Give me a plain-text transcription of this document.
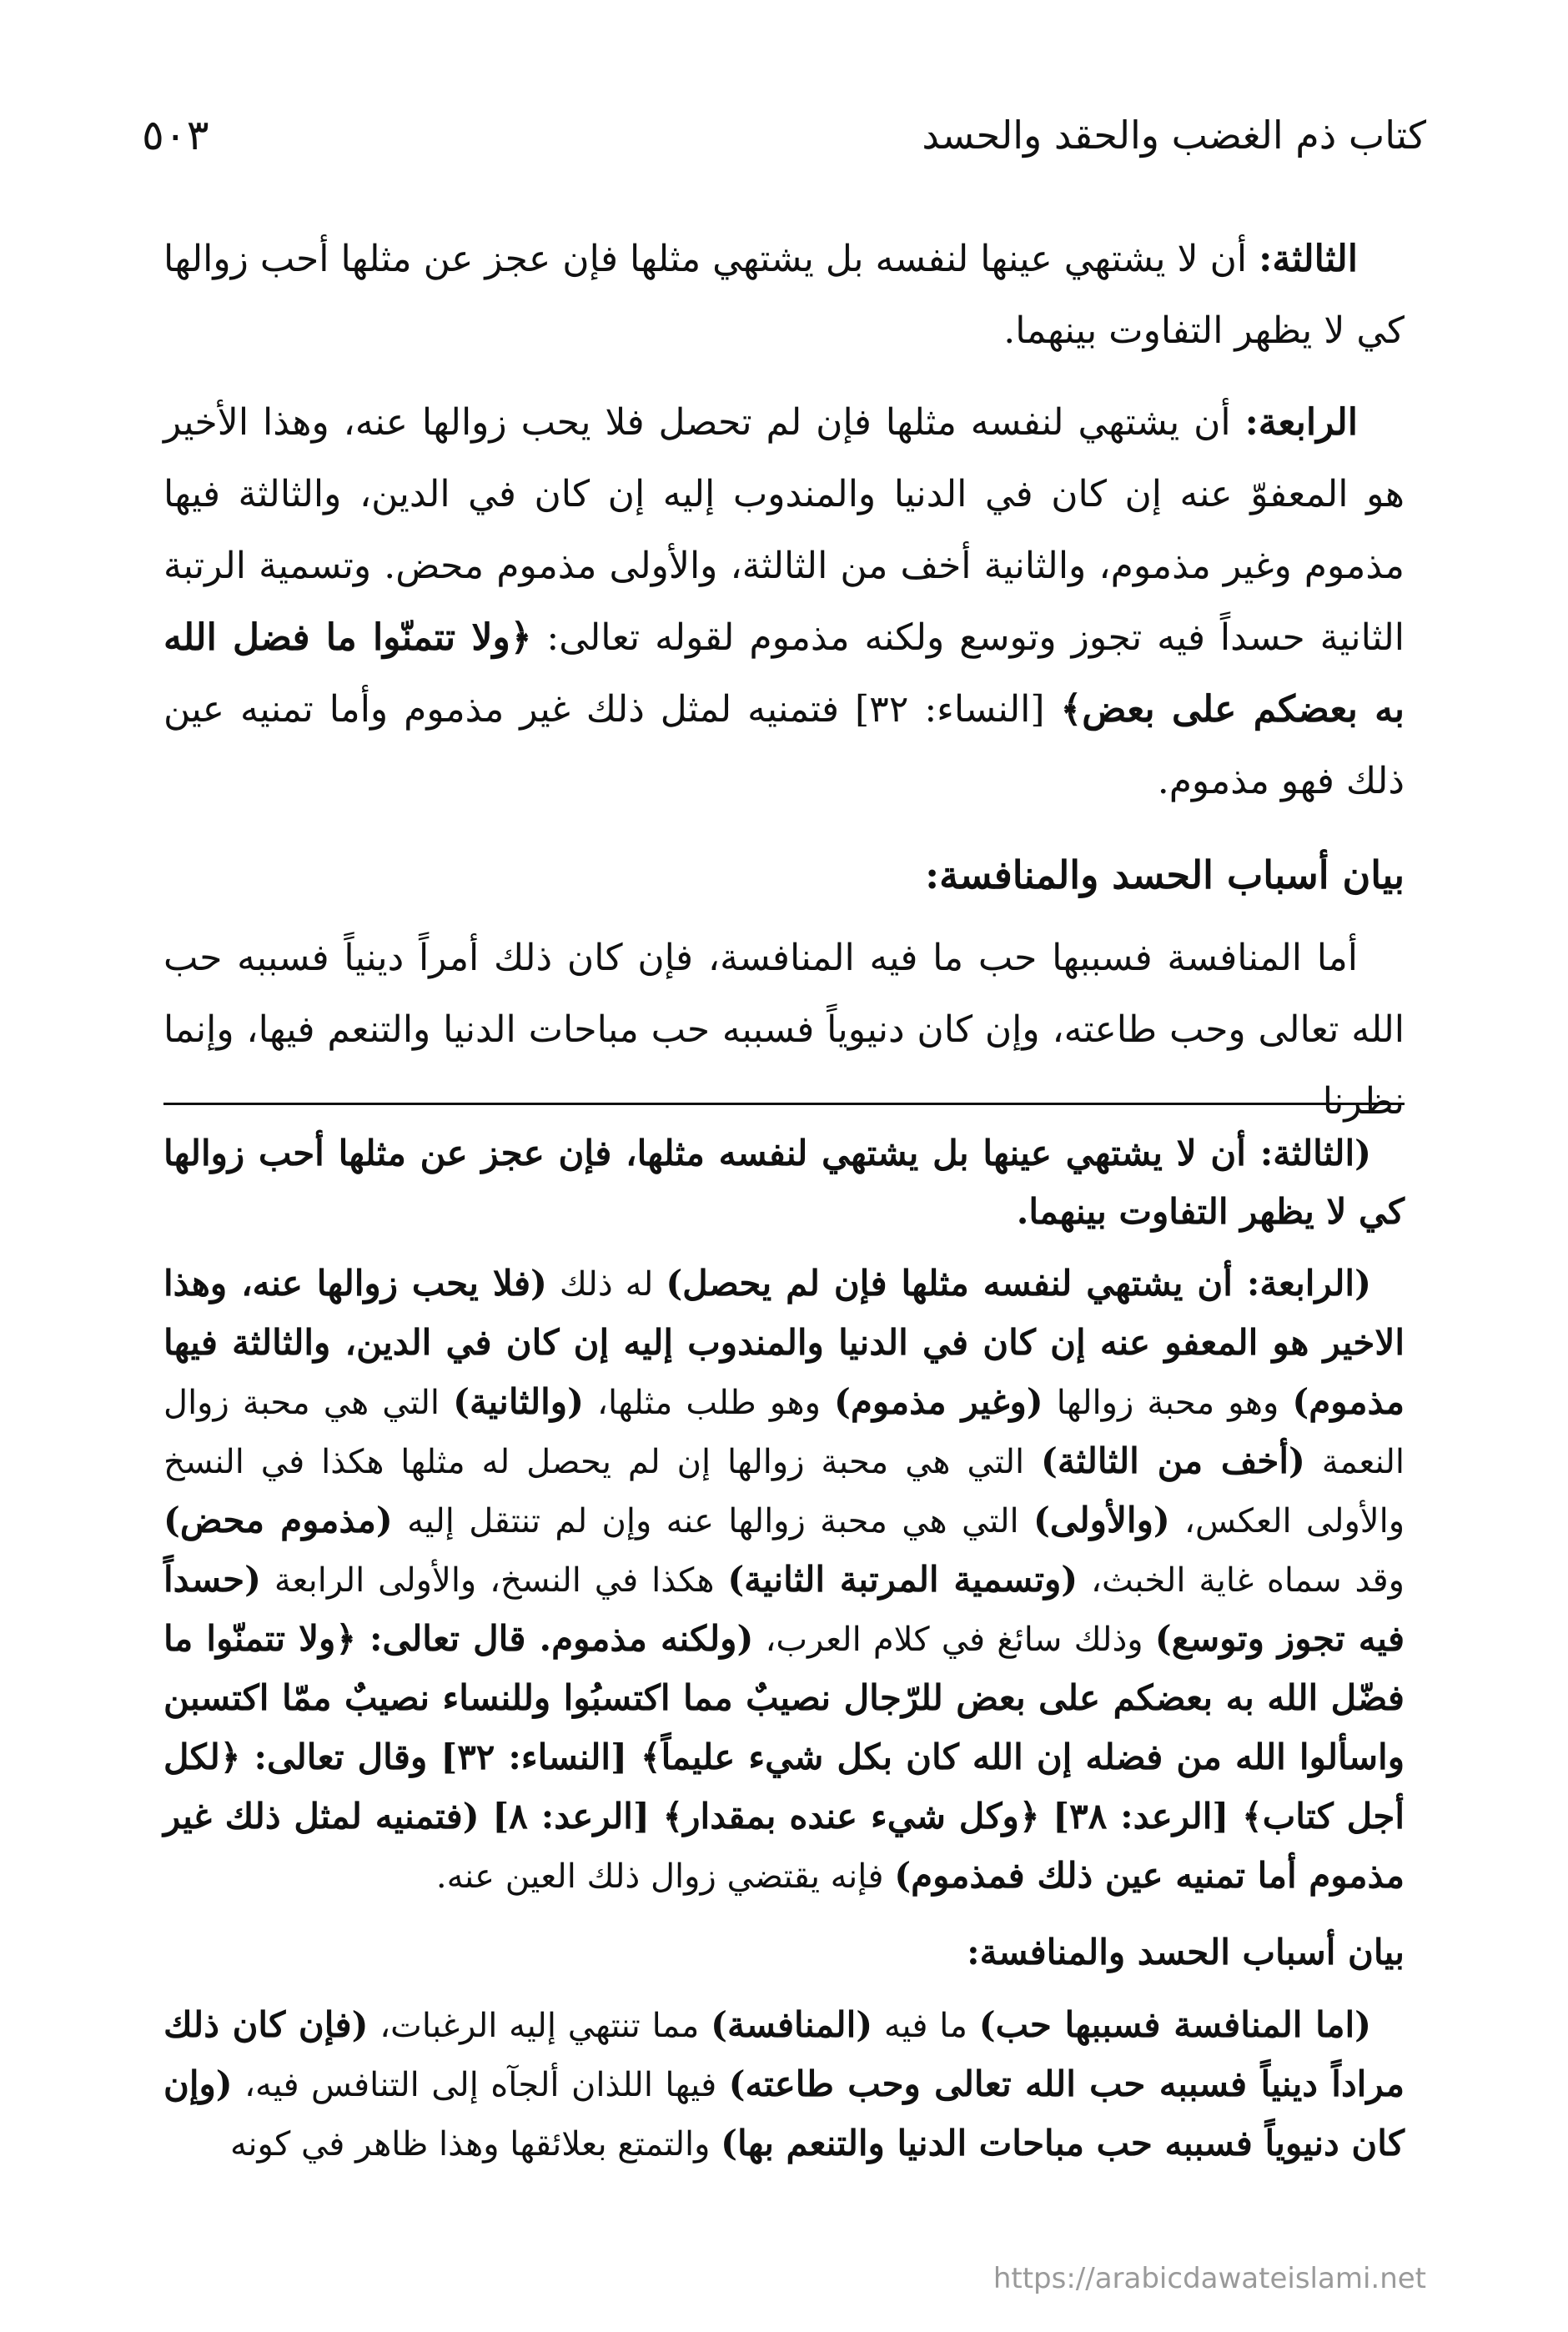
كتاب ذم الغضب والحقد والحسد
٥٠٣

الثالثة: أن لا يشتهي عينها لنفسه بل يشتهي مثلها فإن عجز عن مثلها أحب زوالها كي لا يظهر التفاوت بينهما.

الرابعة: أن يشتهي لنفسه مثلها فإن لم تحصل فلا يحب زوالها عنه، وهذا الأخير هو المعفوّ عنه إن كان في الدنيا والمندوب إليه إن كان في الدين، والثالثة فيها مذموم وغير مذموم، والثانية أخف من الثالثة، والأولى مذموم محض. وتسمية الرتبة الثانية حسداً فيه تجوز وتوسع ولكنه مذموم لقوله تعالى: ﴿ولا تتمنّوا ما فضل الله به بعضكم على بعض﴾ [النساء: ٣٢] فتمنيه لمثل ذلك غير مذموم وأما تمنيه عين ذلك فهو مذموم.

بيان أسباب الحسد والمنافسة:

أما المنافسة فسببها حب ما فيه المنافسة، فإن كان ذلك أمراً دينياً فسببه حب الله تعالى وحب طاعته، وإن كان دنيوياً فسببه حب مباحات الدنيا والتنعم فيها، وإنما نظرنا

(الثالثة: أن لا يشتهي عينها بل يشتهي لنفسه مثلها، فإن عجز عن مثلها أحب زوالها كي لا يظهر التفاوت بينهما.

(الرابعة: أن يشتهي لنفسه مثلها فإن لم يحصل) له ذلك (فلا يحب زوالها عنه، وهذا الاخير هو المعفو عنه إن كان في الدنيا والمندوب إليه إن كان في الدين، والثالثة فيها مذموم) وهو محبة زوالها (وغير مذموم) وهو طلب مثلها، (والثانية) التي هي محبة زوال النعمة (أخف من الثالثة) التي هي محبة زوالها إن لم يحصل له مثلها هكذا في النسخ والأولى العكس، (والأولى) التي هي محبة زوالها عنه وإن لم تنتقل إليه (مذموم محض) وقد سماه غاية الخبث، (وتسمية المرتبة الثانية) هكذا في النسخ، والأولى الرابعة (حسداً فيه تجوز وتوسع) وذلك سائغ في كلام العرب، (ولكنه مذموم. قال تعالى: ﴿ولا تتمنّوا ما فضّل الله به بعضكم على بعض للرّجال نصيبٌ مما اكتسبُوا وللنساء نصيبٌ ممّا اكتسبن واسألوا الله من فضله إن الله كان بكل شيء عليماً﴾ [النساء: ٣٢] وقال تعالى: ﴿لكل أجل كتاب﴾ [الرعد: ٣٨] ﴿وكل شيء عنده بمقدار﴾ [الرعد: ٨] (فتمنيه لمثل ذلك غير مذموم أما تمنيه عين ذلك فمذموم) فإنه يقتضي زوال ذلك العين عنه.

بيان أسباب الحسد والمنافسة:

(اما المنافسة فسببها حب) ما فيه (المنافسة) مما تنتهي إليه الرغبات، (فإن كان ذلك مراداً دينياً فسببه حب الله تعالى وحب طاعته) فيها اللذان ألجآه إلى التنافس فيه، (وإن كان دنيوياً فسببه حب مباحات الدنيا والتنعم بها) والتمتع بعلائقها وهذا ظاهر في كونه

https://arabicdawateislami.net
